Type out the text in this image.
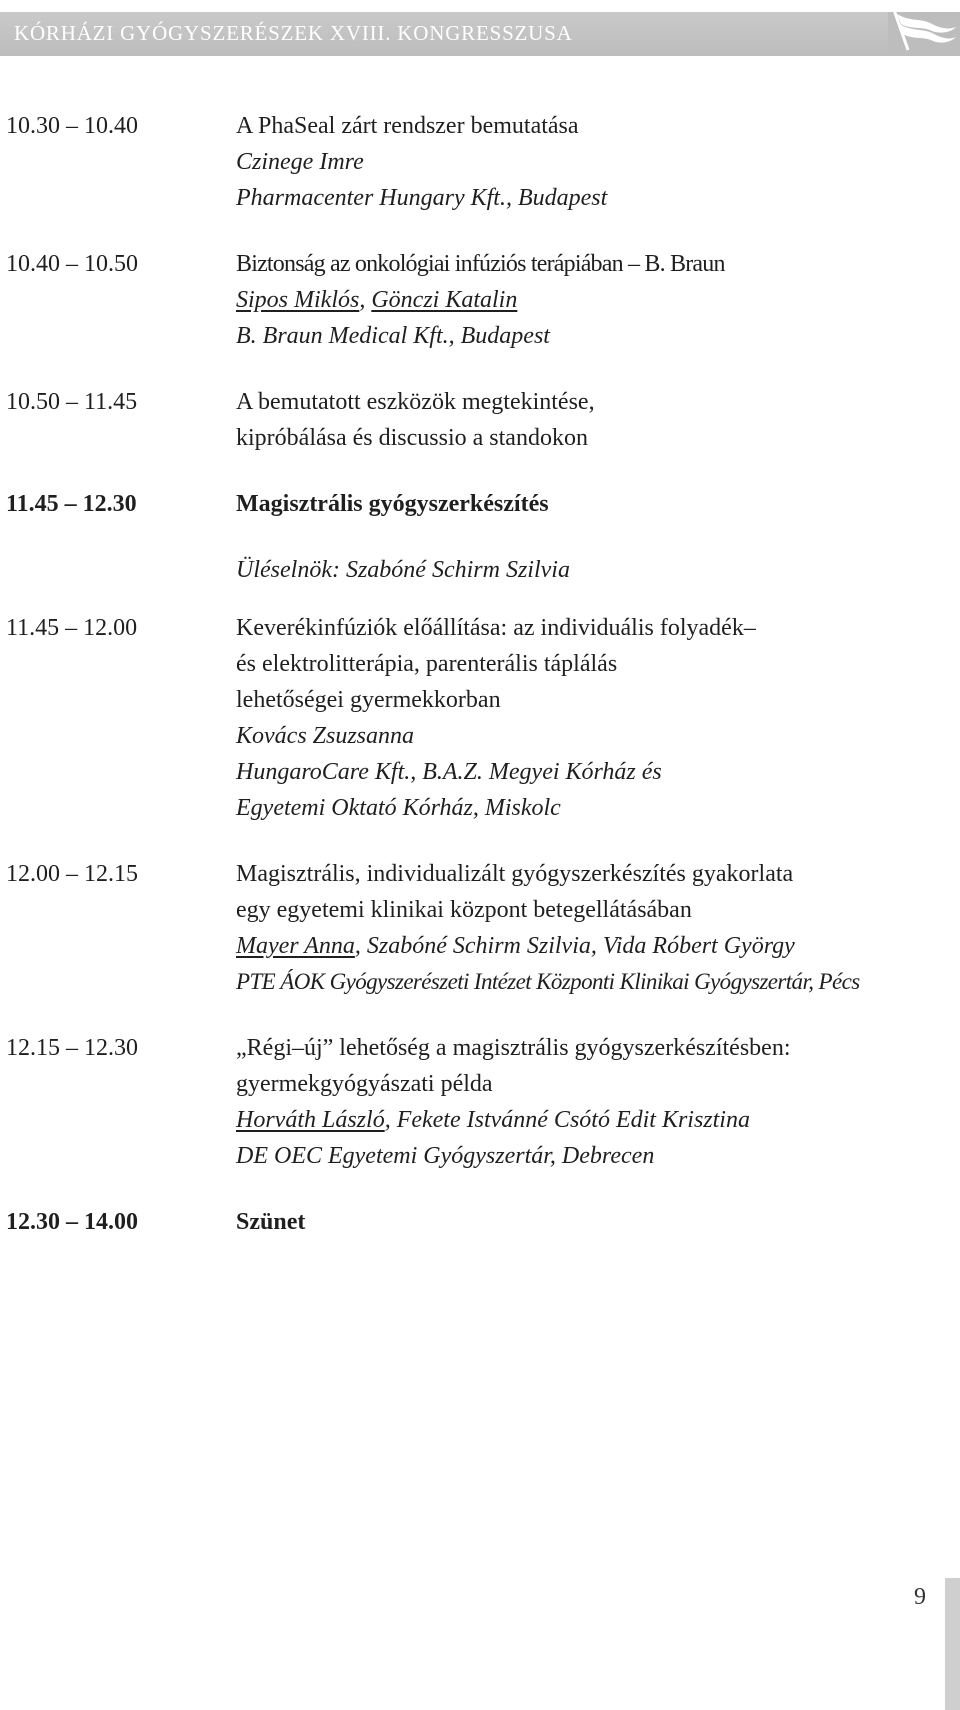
KÓRHÁZI GYÓGYSZERÉSZEK XVIII. KONGRESSZUSA
10.30 – 10.40	A PhaSeal zárt rendszer bemutatása
Czinege Imre
Pharmacenter Hungary Kft., Budapest
10.40 – 10.50	Biztonság az onkológiai infúziós terápiában – B. Braun
Sipos Miklós, Gönczi Katalin
B. Braun Medical Kft., Budapest
10.50 – 11.45	A bemutatott eszközök megtekintése,
kipróbálása és discussio a standokon
11.45 – 12.30	Magisztrális gyógyszerkészítés
Üléselnök: Szabóné Schirm Szilvia
11.45 – 12.00	Keverékinfúziók előállítása: az individuális folyadék–
és elektrolitterápia, parenterális táplálás
lehetőségei gyermekkorban
Kovács Zsuzsanna
HungaroCare Kft., B.A.Z. Megyei Kórház és
Egyetemi Oktató Kórház, Miskolc
12.00 – 12.15	Magisztrális, individualizált gyógyszerkészítés gyakorlata
egy egyetemi klinikai központ betegellátásában
Mayer Anna, Szabóné Schirm Szilvia, Vida Róbert György
PTE ÁOK Gyógyszerészeti Intézet Központi Klinikai Gyógyszertár, Pécs
12.15 – 12.30	„Régi–új” lehetőség a magisztrális gyógyszerkészítésben:
gyermekgyógyászati példa
Horváth László, Fekete Istvánné Csótó Edit Krisztina
DE OEC Egyetemi Gyógyszertár, Debrecen
12.30 – 14.00	Szünet
9
